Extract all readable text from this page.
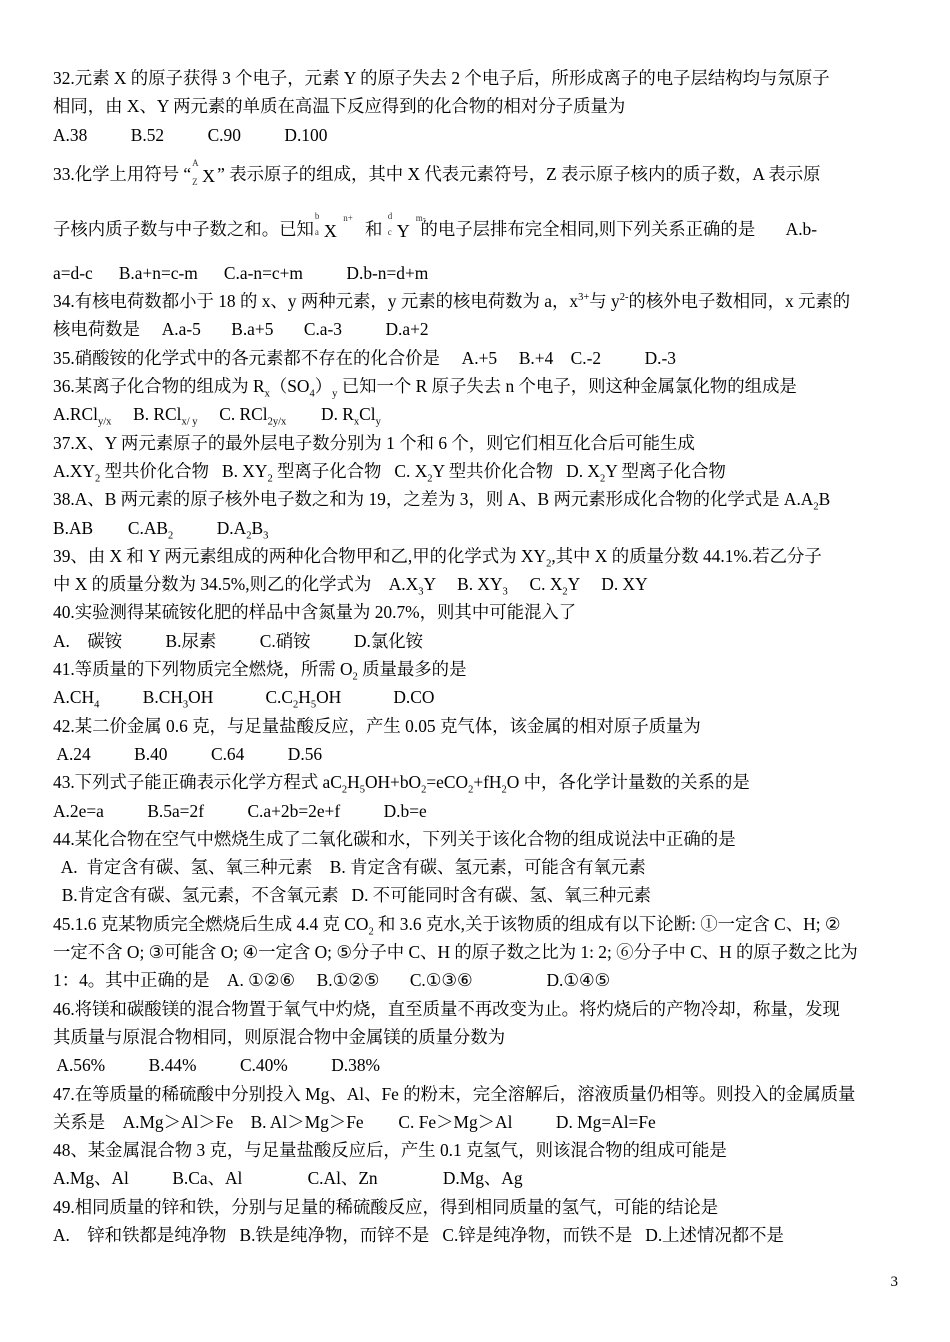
32.元素 X 的原子获得 3 个电子，元素 Y 的原子失去 2 个电子后，所形成离子的电子层结构均与氖原子
相同，由 X、Y 两元素的单质在高温下反应得到的化合物的相对分子质量为
A.38          B.52          C.90          D.100
33.化学上用符号 “
A
Z X ” 表示原子的组成，其中 X 代表元素符号，Z 表示原子核内的质子数，A 表示原
子核内质子数与中子数之和。已知
b
a X
n+
和
d
c Y
m-
的电子层排布完全相同,则下列关系正确的是       A.b-
a=d-c      B.a+n=c-m      C.a-n=c+m          D.b-n=d+m
34.有核电荷数都小于 18 的 x、y 两种元素，y 元素的核电荷数为 a，$x^{3+}$与 $y^{2-}$的核外电子数相同，x 元素的
核电荷数是     A.a-5       B.a+5       C.a-3          D.a+2
35.硝酸铵的化学式中的各元素都不存在的化合价是     A.+5     B.+4    C.-2          D.-3
36.某离子化合物的组成为 $R_x(SO_4)_y$ 已知一个 R 原子失去 n 个电子，则这种金属氯化物的组成是
A.RCl$_{y/x}$     B. RCl$_{x/ y}$     C. RCl$_{2y/x}$        D. $R_xCl_y$
37.X、Y 两元素原子的最外层电子数分别为 1 个和 6 个，则它们相互化合后可能生成
$A.XY_2$ 型共价化合物   B. $XY_2$ 型离子化合物   C. $X_2Y$ 型共价化合物   D. $X_2Y$ 型离子化合物
38.A、B 两元素的原子核外电子数之和为 19，之差为 3，则 A、B 两元素形成化合物的化学式是 $A.A_2B$
B.AB        $C.AB_2$          $D.A_2B_3$
39、由 X 和 Y 两元素组成的两种化合物甲和乙,甲的化学式为 $XY_2$,其中 X 的质量分数 44.1%.若乙分子
中 X 的质量分数为 34.5%,则乙的化学式为    $A.X_3Y$     B. $XY_3$     C. $X_2Y$     D. XY
40.实验测得某硫铵化肥的样品中含氮量为 20.7%，则其中可能混入了
A.    碳铵          B.尿素          C.硝铵          D.氯化铵
41.等质量的下列物质完全燃烧，所需 $O_2$ 质量最多的是
$A.CH_4$          $B.CH_3OH$            $C.C_2H_5OH$            D.CO
42.某二价金属 0.6 克，与足量盐酸反应，产生 0.05 克气体，该金属的相对原子质量为
A.24          B.40          C.64          D.56
43.下列式子能正确表示化学方程式 $aC_2H_5OH+bO_2=eCO_2+fH_2O$ 中，各化学计量数的关系的是
A.2e=a          B.5a=2f          C.a+2b=2e+f          D.b=e
44.某化合物在空气中燃烧生成了二氧化碳和水，下列关于该化合物的组成说法中正确的是
A.  肯定含有碳、氢、氧三种元素    B. 肯定含有碳、氢元素，可能含有氧元素
B.肯定含有碳、氢元素，不含氧元素   D. 不可能同时含有碳、氢、氧三种元素
45.1.6 克某物质完全燃烧后生成 4.4 克 $CO_2$ 和 3.6 克水,关于该物质的组成有以下论断: ①一定含 C、H; ②
一定不含 O; ③可能含 O; ④一定含 O; ⑤分子中 C、H 的原子数之比为 1: 2; ⑥分子中 C、H 的原子数之比为
1：4。其中正确的是    A. ①②⑥     B.①②⑤       C.①③⑥                 D.①④⑤
46.将镁和碳酸镁的混合物置于氧气中灼烧，直至质量不再改变为止。将灼烧后的产物冷却，称量，发现
其质量与原混合物相同，则原混合物中金属镁的质量分数为
A.56%          B.44%          C.40%          D.38%
47.在等质量的稀硫酸中分别投入 Mg、Al、Fe 的粉末，完全溶解后，溶液质量仍相等。则投入的金属质量
关系是    A.Mg＞Al＞Fe    B. Al＞Mg＞Fe        C. Fe＞Mg＞Al          D. Mg=Al=Fe
48、某金属混合物 3 克，与足量盐酸反应后，产生 0.1 克氢气，则该混合物的组成可能是
A.Mg、Al          B.Ca、Al               C.Al、Zn               D.Mg、Ag
49.相同质量的锌和铁，分别与足量的稀硫酸反应，得到相同质量的氢气，可能的结论是
A.    锌和铁都是纯净物   B.铁是纯净物，而锌不是   C.锌是纯净物，而铁不是   D.上述情况都不是
3
